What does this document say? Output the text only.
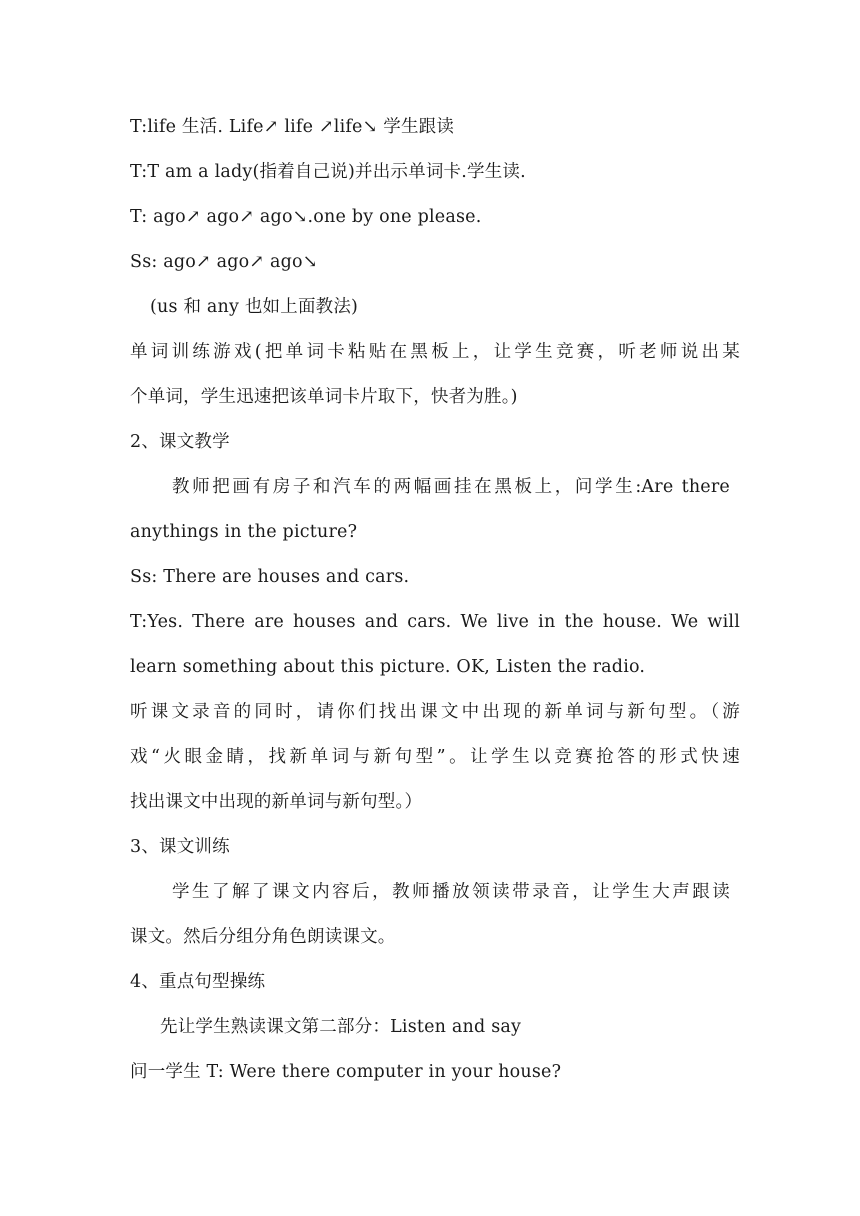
T:life 生活. Life↗ life ↗life↘ 学生跟读
T:T am a lady(指着自己说)并出示单词卡.学生读.
T: ago↗ ago↗ ago↘.one by one please.
Ss: ago↗ ago↗ ago↘
(us 和 any 也如上面教法)
单词训练游戏(把单词卡粘贴在黑板上，让学生竞赛，听老师说出某
个单词，学生迅速把该单词卡片取下，快者为胜。)
2、课文教学
教师把画有房子和汽车的两幅画挂在黑板上，问学生:Are there
anythings in the picture?
Ss: There are houses and cars.
T:Yes. There are houses and cars. We live in the house. We will
learn something about this picture. OK, Listen the radio.
听课文录音的同时，请你们找出课文中出现的新单词与新句型。（游
戏“火眼金睛，找新单词与新句型”。让学生以竞赛抢答的形式快速
找出课文中出现的新单词与新句型。）
3、课文训练
学生了解了课文内容后，教师播放领读带录音，让学生大声跟读
课文。然后分组分角色朗读课文。
4、重点句型操练
先让学生熟读课文第二部分：Listen and say
问一学生 T: Were there computer in your house?
